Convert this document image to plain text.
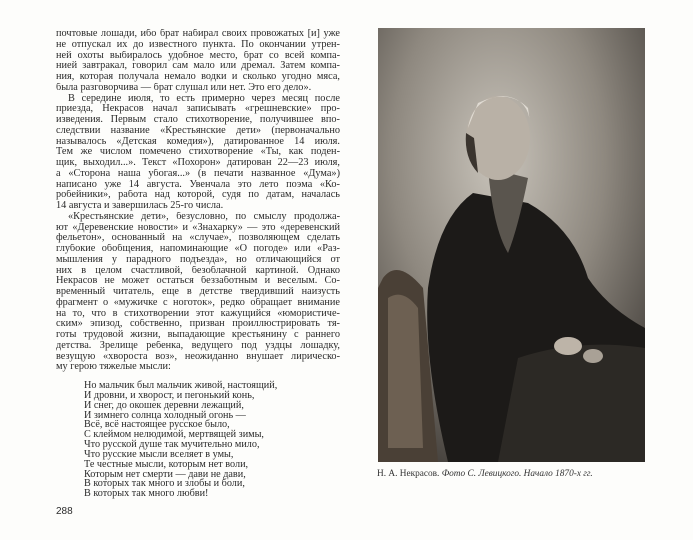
почтовые лошади, ибо брат набирал своих провожатых [и] уже
не отпускал их до известного пункта. По окончании утрен-
ней охоты выбиралось удобное место, брат со всей компа-
нией завтракал, говорил сам мало или дремал. Затем компа-
ния, которая получала немало водки и сколько угодно мяса,
была разговорчива — брат слушал или нет. Это его дело».
В середине июля, то есть примерно через месяц после
приезда, Некрасов начал записывать «грешневские» про-
изведения. Первым стало стихотворение, получившее впо-
следствии название «Крестьянские дети» (первоначально
называлось «Детская комедия»), датированное 14 июля.
Тем же числом помечено стихотворение «Ты, как поден-
щик, выходил...». Текст «Похорон» датирован 22—23 июля,
а «Сторона наша убогая...» (в печати названное «Дума»)
написано уже 14 августа. Увенчала это лето поэма «Ко-
робейники», работа над которой, судя по датам, началась
14 августа и завершилась 25-го числа.
«Крестьянские дети», безусловно, по смыслу продолжа-
ют «Деревенские новости» и «Знахарку» — это «деревенский
фельетон», основанный на «случае», позволяющем сделать
глубокие обобщения, напоминающие «О погоде» или «Раз-
мышления у парадного подъезда», но отличающийся от
них в целом счастливой, безоблачной картиной. Однако
Некрасов не может остаться беззаботным и веселым. Со-
временный читатель, еще в детстве твердивший наизусть
фрагмент о «мужичке с ноготок», редко обращает внимание
на то, что в стихотворении этот кажущийся «юмористиче-
ским» эпизод, собственно, призван проиллюстрировать тя-
готы трудовой жизни, выпадающие крестьянину с раннего
детства. Зрелище ребенка, ведущего под уздцы лошадку,
везущую «хвороста воз», неожиданно внушает лирическо-
му герою тяжелые мысли:
Но мальчик был мальчик живой, настоящий,
И дровни, и хворост, и пегонький конь,
И снег, до окошек деревни лежащий,
И зимнего солнца холодный огонь —
Всё, всё настоящее русское было,
С клеймом нелюдимой, мертвящей зимы,
Что русской душе так мучительно мило,
Что русские мысли вселяет в умы,
Те честные мысли, которым нет воли,
Которым нет смерти — дави не дави,
В которых так много и злобы и боли,
В которых так много любви!
288
Н. А. Некрасов. Фото С. Левицкого. Начало 1870-х гг.
